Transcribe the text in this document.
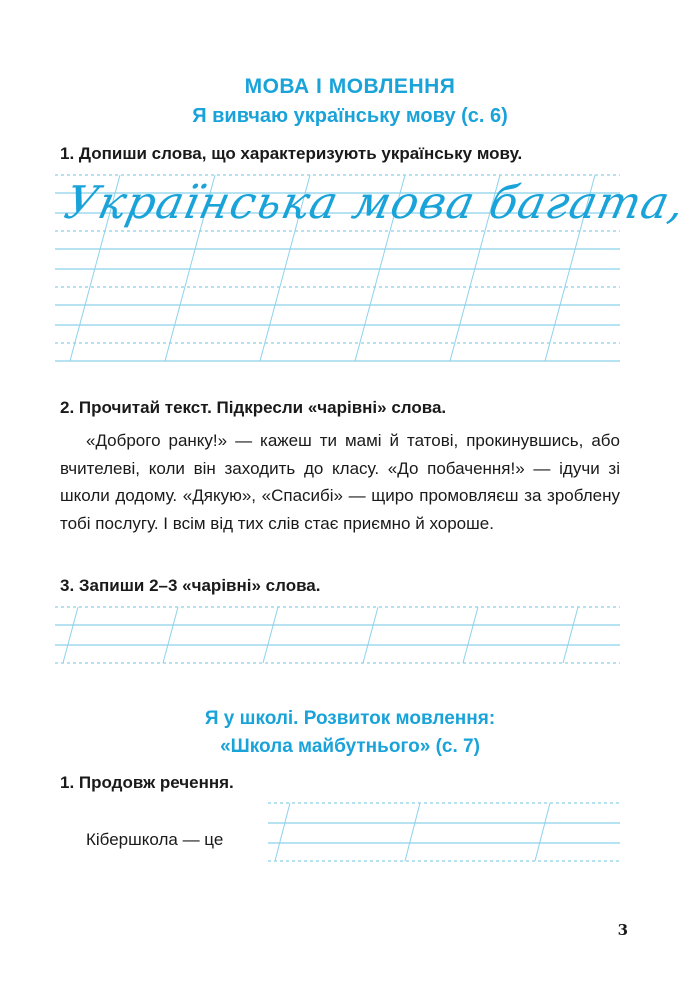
МОВА І МОВЛЕННЯ
Я вивчаю українську мову (с. 6)
1. Допиши слова, що характеризують українську мову.
Українська мова багата,
2. Прочитай текст. Підкресли «чарівні» слова.

«Доброго ранку!» — кажеш ти мамі й татові, прокинувшись, або вчителеві, коли він заходить до класу. «До побачення!» — ідучи зі школи додому. «Дякую», «Спасибі» — щиро промовляєш за зроблену тобі послугу. І всім від тих слів стає приємно й хороше.

3. Запиши 2–3 «чарівні» слова.
Я у школі. Розвиток мовлення:
«Школа майбутнього» (с. 7)
1. Продовж речення.
Кібершкола — це
3
